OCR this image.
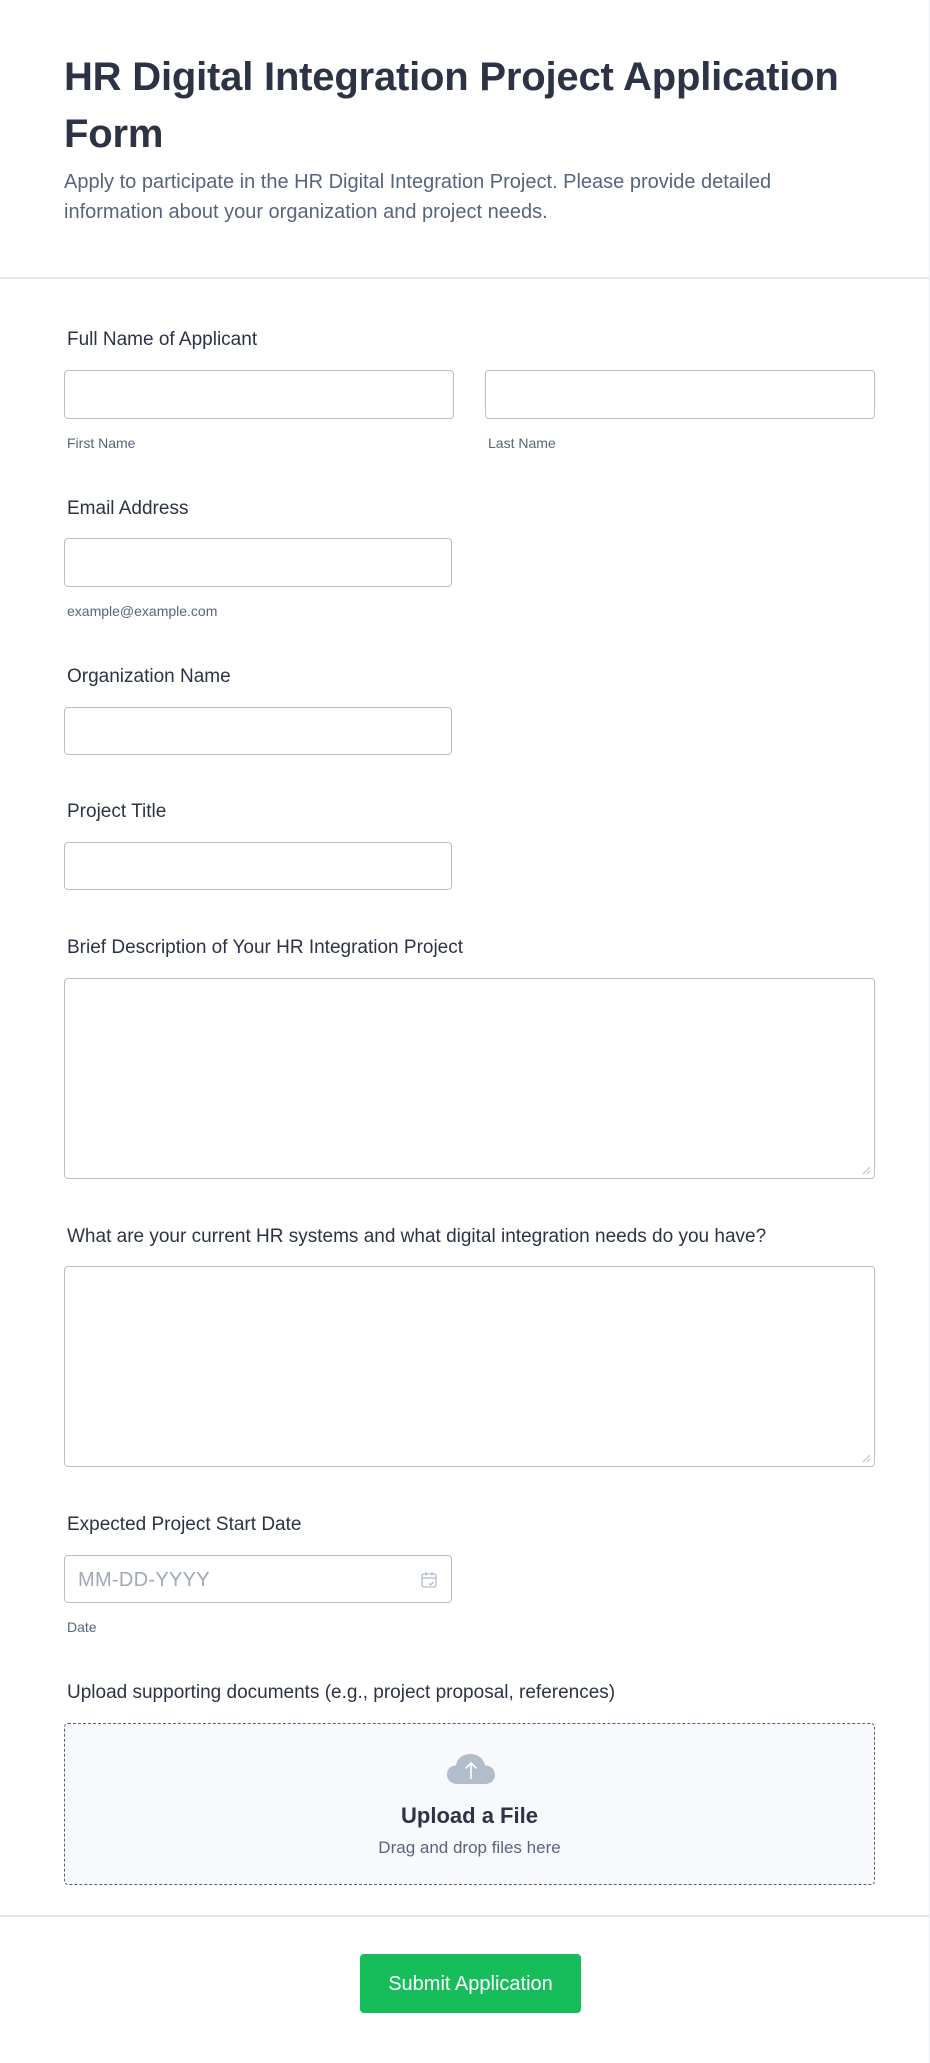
HR Digital Integration Project Application Form

Apply to participate in the HR Digital Integration Project. Please provide detailed information about your organization and project needs.

Full Name of Applicant
First Name	Last Name
Email Address
example@example.com
Organization Name
Project Title
Brief Description of Your HR Integration Project
What are your current HR systems and what digital integration needs do you have?
Expected Project Start Date
MM-DD-YYYY
Date
Upload supporting documents (e.g., project proposal, references)
Upload a File
Drag and drop files here
Submit Application
